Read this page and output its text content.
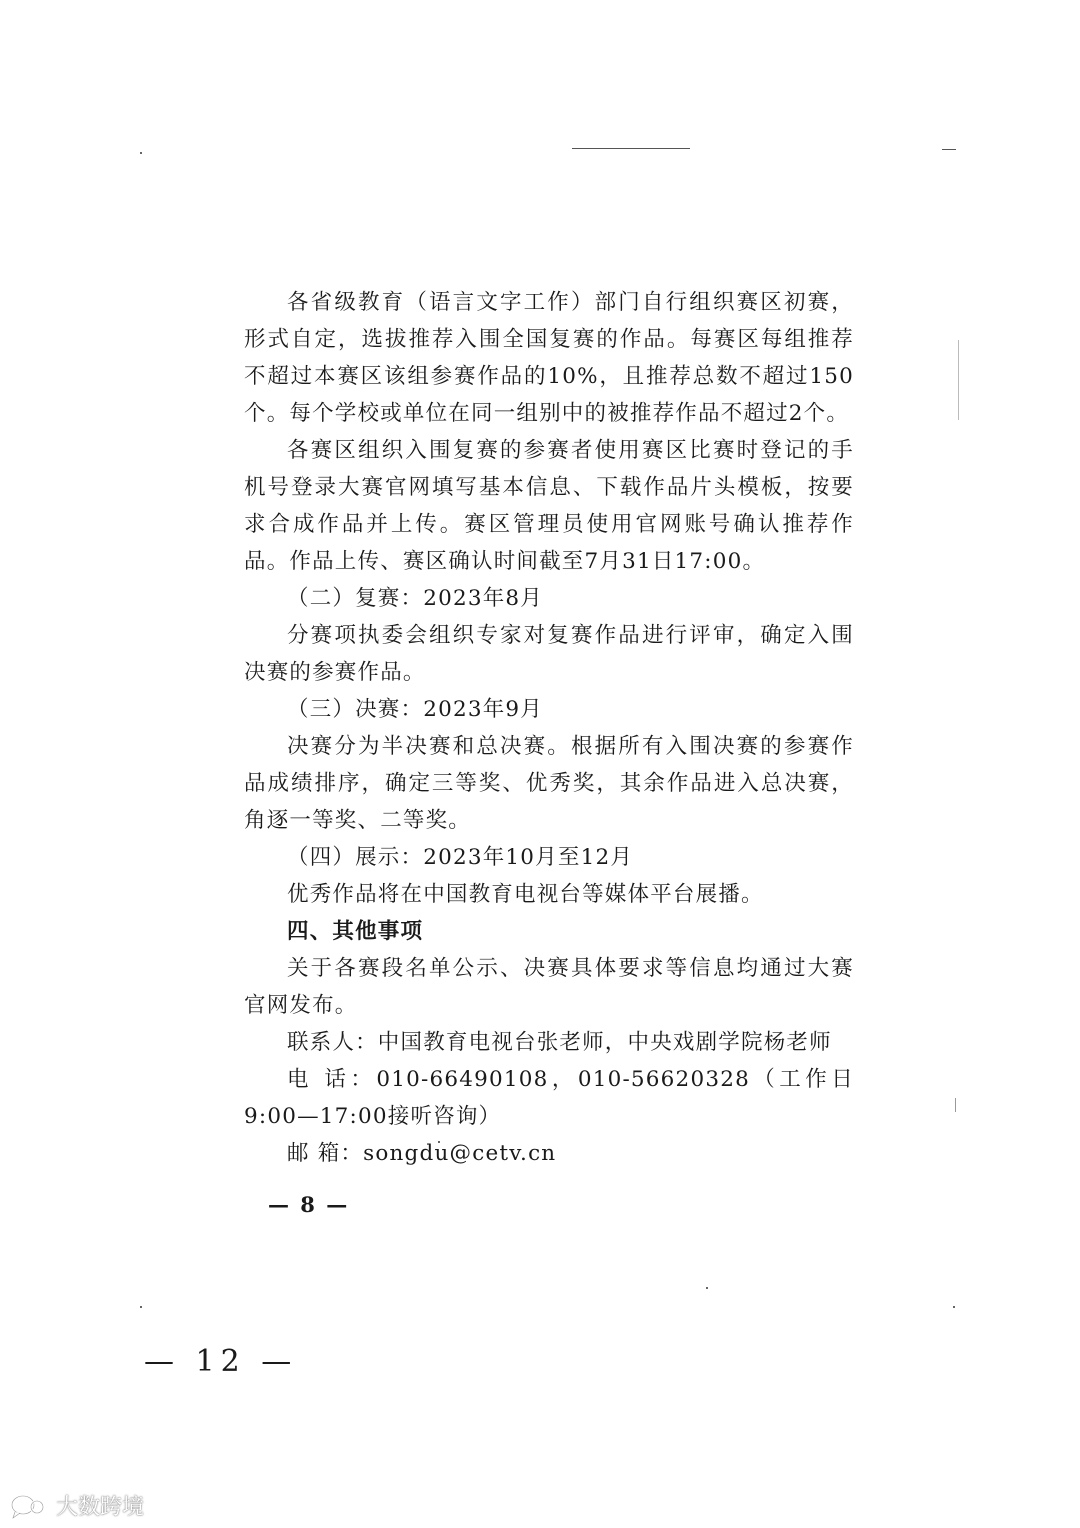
各省级教育（语言文字工作）部门自行组织赛区初赛，形式自定，选拔推荐入围全国复赛的作品。每赛区每组推荐不超过本赛区该组参赛作品的10%，且推荐总数不超过150个。每个学校或单位在同一组别中的被推荐作品不超过2个。

各赛区组织入围复赛的参赛者使用赛区比赛时登记的手机号登录大赛官网填写基本信息、下载作品片头模板，按要求合成作品并上传。赛区管理员使用官网账号确认推荐作品。作品上传、赛区确认时间截至7月31日17:00。

（二）复赛：2023年8月

分赛项执委会组织专家对复赛作品进行评审，确定入围决赛的参赛作品。

（三）决赛：2023年9月

决赛分为半决赛和总决赛。根据所有入围决赛的参赛作品成绩排序，确定三等奖、优秀奖，其余作品进入总决赛，角逐一等奖、二等奖。

（四）展示：2023年10月至12月

优秀作品将在中国教育电视台等媒体平台展播。

四、其他事项

关于各赛段名单公示、决赛具体要求等信息均通过大赛官网发布。

联系人：中国教育电视台张老师，中央戏剧学院杨老师

电 话：010-66490108，010-56620328（工作日 9:00—17:00接听咨询）

邮 箱：songdu@cetv.cn

— 8 —
— 12 —
大数跨境
